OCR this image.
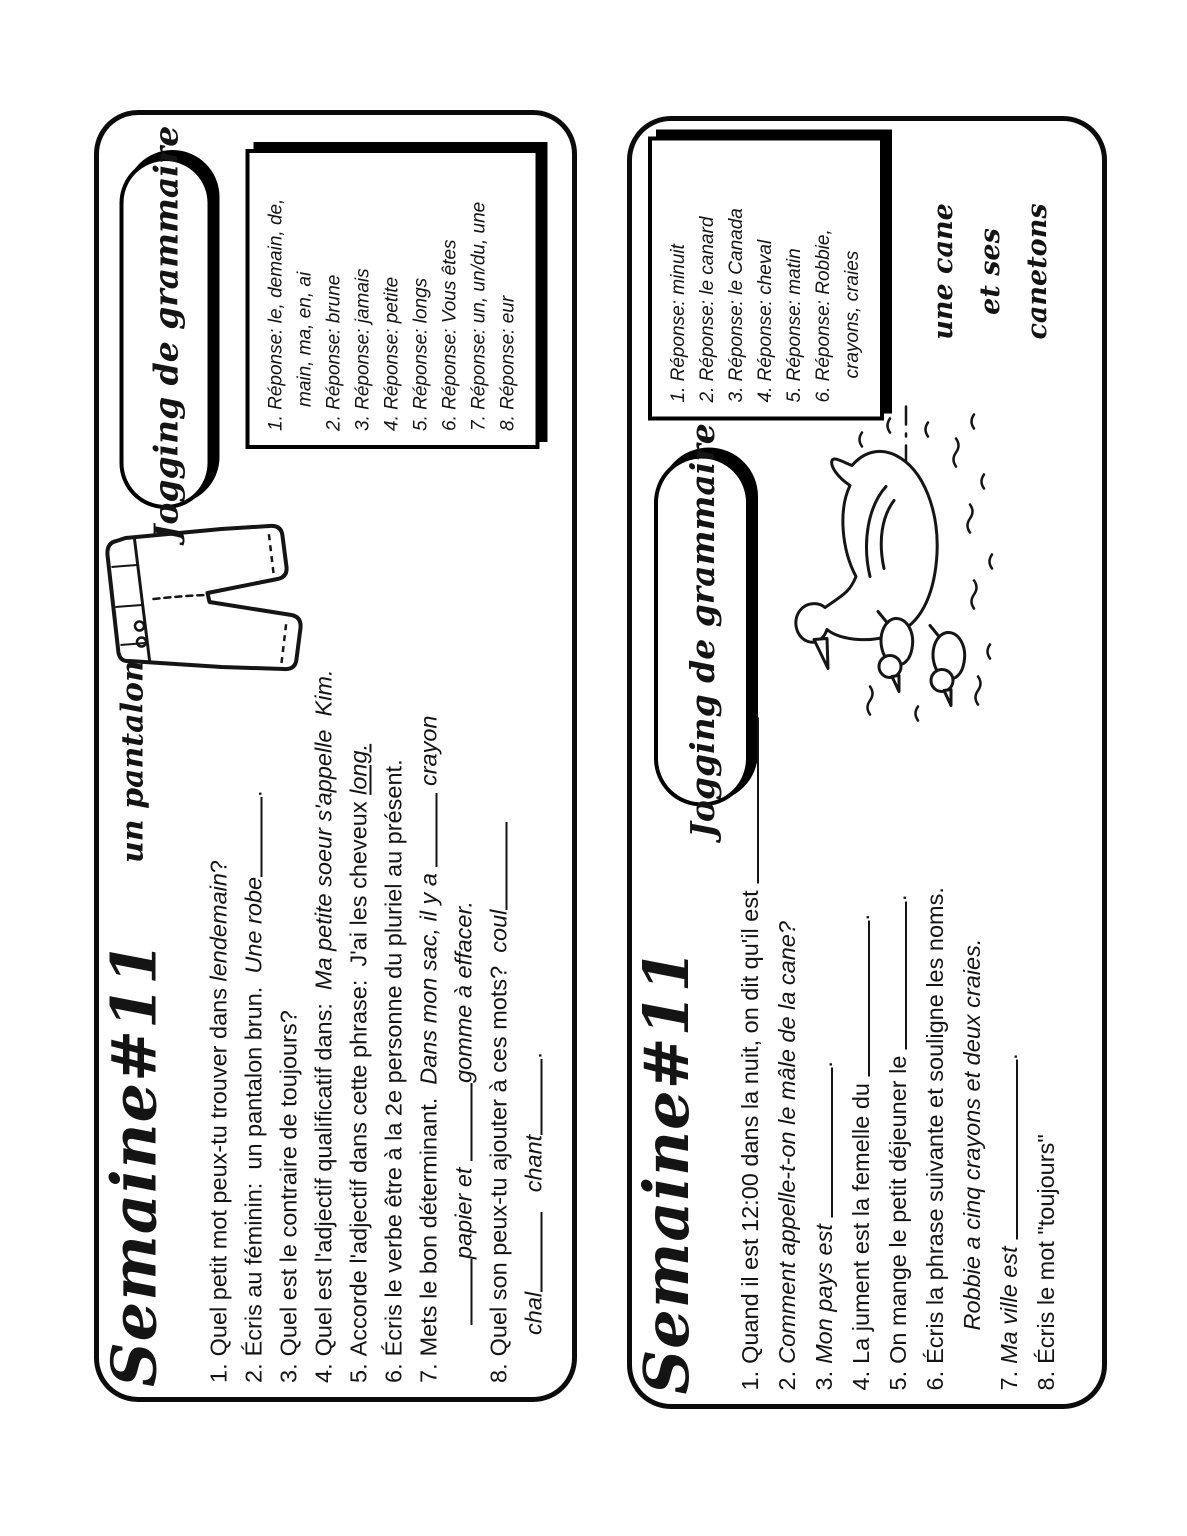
Semaine#11
un pantalon
Jogging de grammaire	1. Réponse: le, demain, de, main, ma, en, ai 2. Réponse: brune 3. Réponse: jamais 4. Réponse: petite 5. Réponse: longs 6. Réponse: Vous êtes 7. Réponse: un, un/du, une 8. Réponse: eur
1.Quel petit mot peux-tu trouver dans lendemain?
2.Écris au féminin:  un pantalon brun.  Une robe.
3.Quel est le contraire de toujours?
4.Quel est l'adjectif qualificatif dans:  Ma petite soeur s'appelle  Kim.
5.Accorde l'adjectif dans cette phrase:  J'ai les cheveux long.
6.Écris le verbe être à la 2e personne du pluriel au présent.
7.Mets le bon déterminant.  Dans mon sac, il y a  crayon
papier et gomme à effacer.
8.Quel son peux-tu ajouter à ces mots?  coul
chal   chant. Semaine#11
Jogging de grammaire
1. Réponse: minuit 2. Réponse: le canard 3. Réponse: le Canada 4. Réponse: cheval 5. Réponse: matin 6. Réponse: Robbie, crayons, craies une cane et ses canetons
1.Quand il est 12:00 dans la nuit, on dit qu'il est .
2.Comment appelle-t-on le mâle de la cane?
3.Mon pays est .
4.La jument est la femelle du .
5.On mange le petit déjeuner le .
6.Écris la phrase suivante et souligne les noms. Robbie a cinq crayons et deux craies.
7.Ma ville est .
8.Écris le mot "toujours"
